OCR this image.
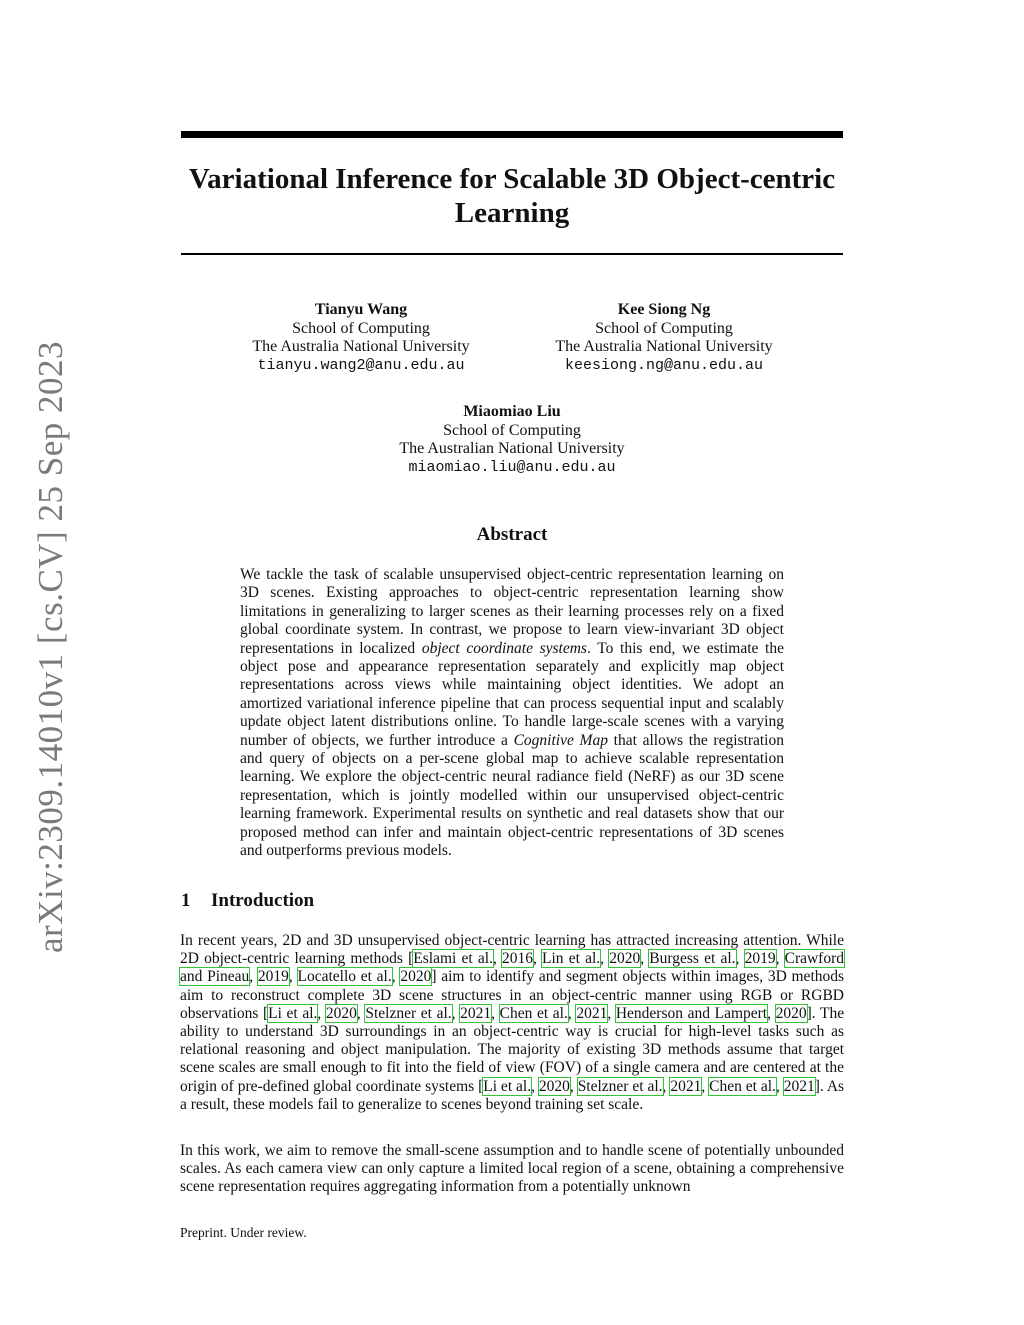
arXiv:2309.14010v1 [cs.CV] 25 Sep 2023
Variational Inference for Scalable 3D Object-centric Learning
Tianyu Wang
School of Computing
The Australia National University
tianyu.wang2@anu.edu.au
Kee Siong Ng
School of Computing
The Australia National University
keesiong.ng@anu.edu.au
Miaomiao Liu
School of Computing
The Australian National University
miaomiao.liu@anu.edu.au
Abstract

We tackle the task of scalable unsupervised object-centric representation learning on 3D scenes. Existing approaches to object-centric representation learning show limitations in generalizing to larger scenes as their learning processes rely on a fixed global coordinate system. In contrast, we propose to learn view-invariant 3D object representations in localized object coordinate systems. To this end, we estimate the object pose and appearance representation separately and explicitly map object representations across views while maintaining object identities. We adopt an amortized variational inference pipeline that can process sequential input and scalably update object latent distributions online. To handle large-scale scenes with a varying number of objects, we further introduce a Cognitive Map that allows the registration and query of objects on a per-scene global map to achieve scalable representation learning. We explore the object-centric neural radiance field (NeRF) as our 3D scene representation, which is jointly modelled within our unsupervised object-centric learning framework. Experimental results on synthetic and real datasets show that our proposed method can infer and maintain object-centric representations of 3D scenes and outperforms previous models.

1 Introduction

In recent years, 2D and 3D unsupervised object-centric learning has attracted increasing attention. While 2D object-centric learning methods [Eslami et al., 2016, Lin et al., 2020, Burgess et al., 2019, Crawford and Pineau, 2019, Locatello et al., 2020] aim to identify and segment objects within images, 3D methods aim to reconstruct complete 3D scene structures in an object-centric manner using RGB or RGBD observations [Li et al., 2020, Stelzner et al., 2021, Chen et al., 2021, Henderson and Lampert, 2020]. The ability to understand 3D surroundings in an object-centric way is crucial for high-level tasks such as relational reasoning and object manipulation. The majority of existing 3D methods assume that target scene scales are small enough to fit into the field of view (FOV) of a single camera and are centered at the origin of pre-defined global coordinate systems [Li et al., 2020, Stelzner et al., 2021, Chen et al., 2021]. As a result, these models fail to generalize to scenes beyond training set scale.

In this work, we aim to remove the small-scene assumption and to handle scene of potentially unbounded scales. As each camera view can only capture a limited local region of a scene, obtaining a comprehensive scene representation requires aggregating information from a potentially unknown

Preprint. Under review.
